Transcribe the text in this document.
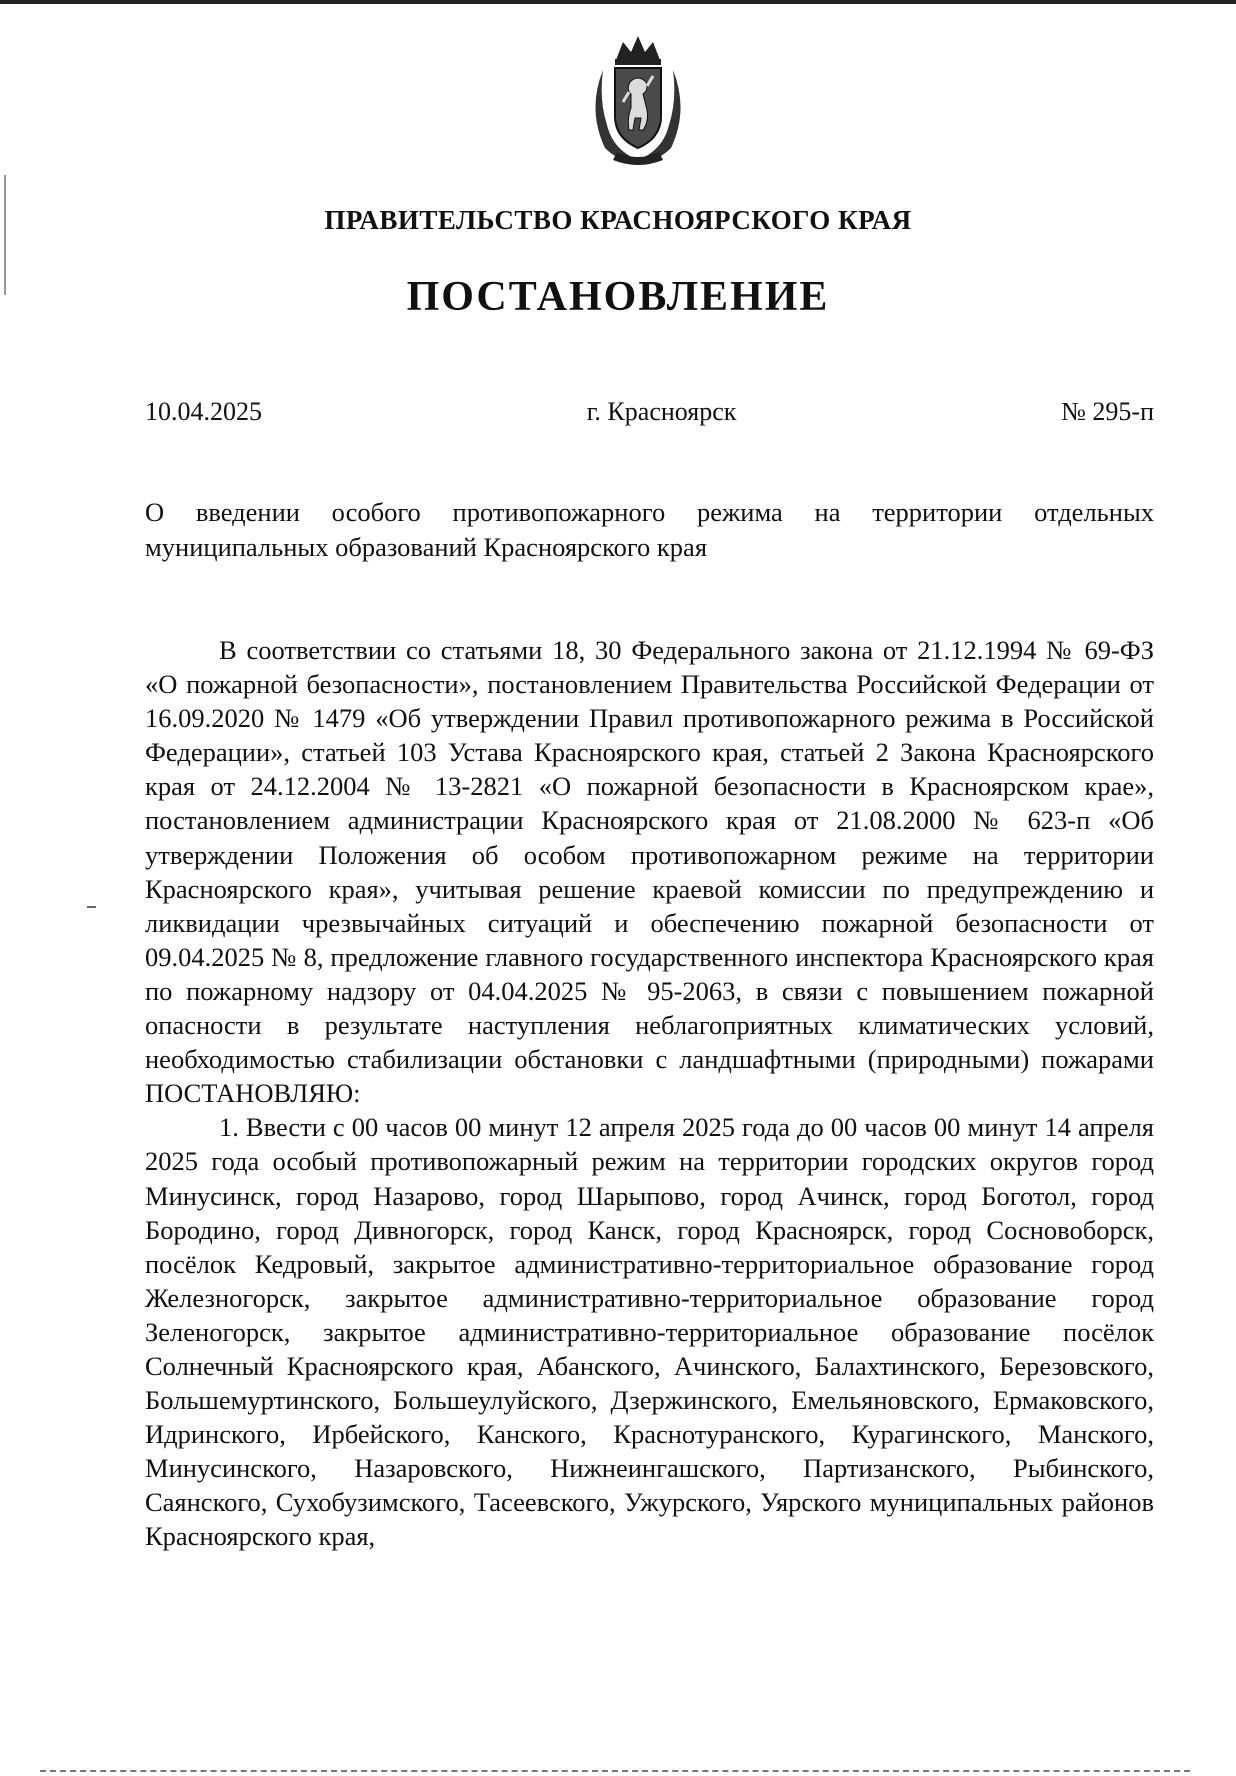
ПРАВИТЕЛЬСТВО КРАСНОЯРСКОГО КРАЯ
ПОСТАНОВЛЕНИЕ
10.04.2025	г. Красноярск	№ 295-п
О введении особого противопожарного режима на территории отдельных муниципальных образований Красноярского края

В соответствии со статьями 18, 30 Федерального закона от 21.12.1994 № 69-ФЗ «О пожарной безопасности», постановлением Правительства Российской Федерации от 16.09.2020 № 1479 «Об утверждении Правил противопожарного режима в Российской Федерации», статьей 103 Устава Красноярского края, статьей 2 Закона Красноярского края от 24.12.2004 № 13-2821 «О пожарной безопасности в Красноярском крае», постановлением администрации Красноярского края от 21.08.2000 № 623-п «Об утверждении Положения об особом противопожарном режиме на территории Красноярского края», учитывая решение краевой комиссии по предупреждению и ликвидации чрезвычайных ситуаций и обеспечению пожарной безопасности от 09.04.2025 № 8, предложение главного государственного инспектора Красноярского края по пожарному надзору от 04.04.2025 № 95-2063, в связи с повышением пожарной опасности в результате наступления неблагоприятных климатических условий, необходимостью стабилизации обстановки с ландшафтными (природными) пожарами ПОСТАНОВЛЯЮ:

1. Ввести с 00 часов 00 минут 12 апреля 2025 года до 00 часов 00 минут 14 апреля 2025 года особый противопожарный режим на территории городских округов город Минусинск, город Назарово, город Шарыпово, город Ачинск, город Боготол, город Бородино, город Дивногорск, город Канск, город Красноярск, город Сосновоборск, посёлок Кедровый, закрытое административно-территориальное образование город Железногорск, закрытое административно-территориальное образование город Зеленогорск, закрытое административно-территориальное образование посёлок Солнечный Красноярского края, Абанского, Ачинского, Балахтинского, Березовского, Большемуртинского, Большеулуйского, Дзержинского, Емельяновского, Ермаковского, Идринского, Ирбейского, Канского, Краснотуранского, Курагинского, Манского, Минусинского, Назаровского, Нижнеингашского, Партизанского, Рыбинского, Саянского, Сухобузимского, Тасеевского, Ужурского, Уярского муниципальных районов Красноярского края,
